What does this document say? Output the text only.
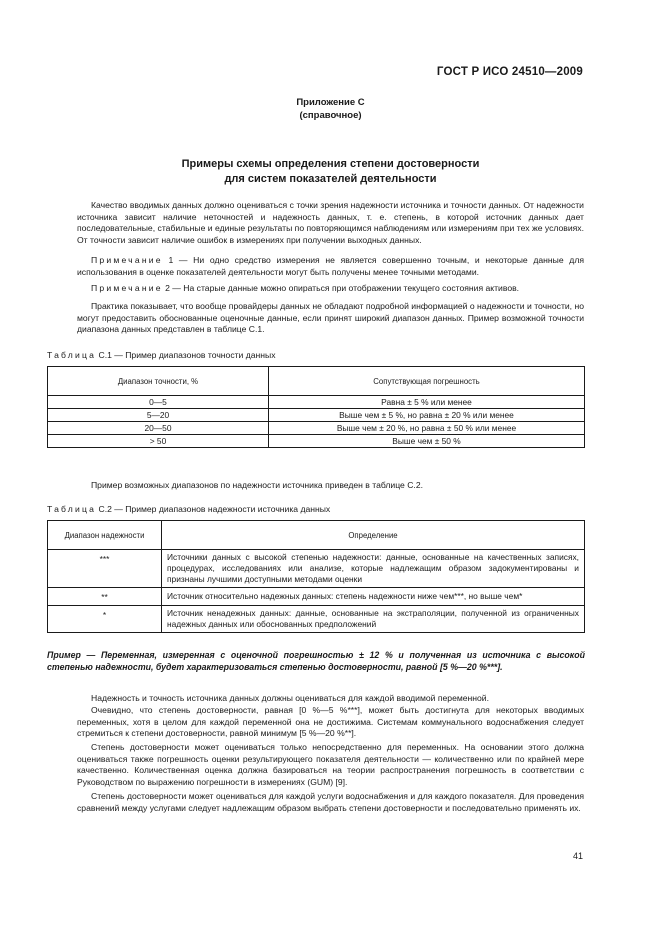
ГОСТ Р ИСО 24510—2009
Приложение С
(справочное)
Примеры схемы определения степени достоверности
для систем показателей деятельности
Качество вводимых данных должно оцениваться с точки зрения надежности источника и точности данных. От надежности источника зависит наличие неточностей и надежность данных, т. е. степень, в которой источник данных дает последовательные, стабильные и единые результаты по повторяющимся наблюдениям или измерениям при тех же условиях. От точности зависит наличие ошибок в измерениях при получении выходных данных.
Примечание 1 — Ни одно средство измерения не является совершенно точным, и некоторые данные для использования в оценке показателей деятельности могут быть получены менее точными методами.
Примечание 2 — На старые данные можно опираться при отображении текущего состояния активов.
Практика показывает, что вообще провайдеры данных не обладают подробной информацией о надежности и точности, но могут предоставить обоснованные оценочные данные, если принят широкий диапазон данных. Пример возможной точности диапазона данных представлен в таблице С.1.
Таблица С.1 — Пример диапазонов точности данных
Диапазон точности, %	Сопутствующая погрешность
0—5	Равна ± 5 % или менее
5—20	Выше чем ± 5 %, но равна ± 20 % или менее
20—50	Выше чем ± 20 %, но равна ± 50 % или менее
> 50	Выше чем ± 50 %
Пример возможных диапазонов по надежности источника приведен в таблице С.2.
Таблица С.2 — Пример диапазонов надежности источника данных
Диапазон надежности	Определение
***	Источники данных с высокой степенью надежности: данные, основанные на качественных записях, процедурах, исследованиях или анализе, которые надлежащим образом задокументированы и признаны лучшими доступными методами оценки
**	Источник относительно надежных данных: степень надежности ниже чем***, но выше чем*
*	Источник ненадежных данных: данные, основанные на экстраполяции, полученной из ограниченных надежных данных или обоснованных предположений
Пример — Переменная, измеренная с оценочной погрешностью ± 12 % и полученная из источника с высокой степенью надежности, будет характеризоваться степенью достоверности, равной [5 %—20 %***].
Надежность и точность источника данных должны оцениваться для каждой вводимой переменной.
Очевидно, что степень достоверности, равная [0 %—5 %***], может быть достигнута для некоторых вводимых переменных, хотя в целом для каждой переменной она не достижима. Системам коммунального водоснабжения следует стремиться к степени достоверности, равной минимум [5 %—20 %**].
Степень достоверности может оцениваться только непосредственно для переменных. На основании этого должна оцениваться также погрешность оценки результирующего показателя деятельности — количественно или по крайней мере качественно. Количественная оценка должна базироваться на теории распространения погрешность в соответствии с Руководством по выражению погрешности в измерениях (GUM) [9].
Степень достоверности может оцениваться для каждой услуги водоснабжения и для каждого показателя. Для проведения сравнений между услугами следует надлежащим образом выбрать степени достоверности и последовательно применять их.
41
